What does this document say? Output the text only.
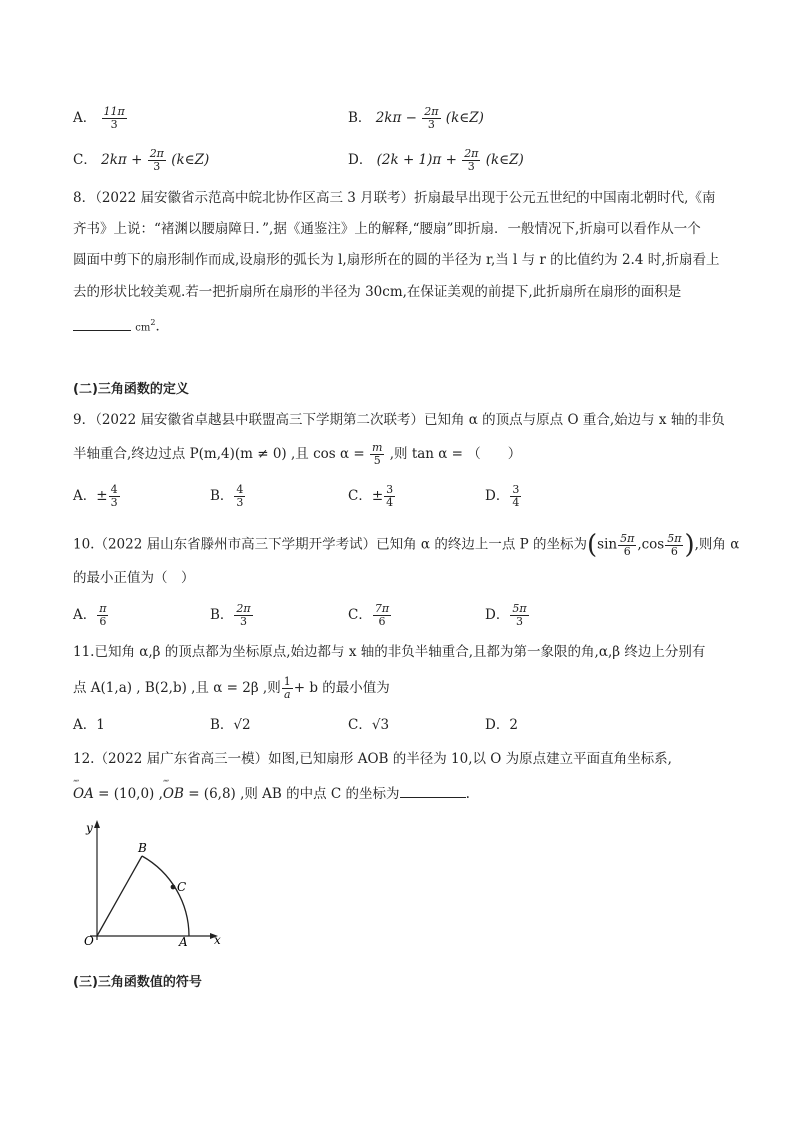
A． $\frac{11\pi}{3}$	B． $2k\pi - \frac{2\pi}{3}$ (k∈Z)
C． $2k\pi + \frac{2\pi}{3}$ (k∈Z)	D． $(2k + 1)\pi + \frac{2\pi}{3}$ (k∈Z)
8．（2022 届安徽省示范高中皖北协作区高三 3 月联考）折扇最早出现于公元五世纪的中国南北朝时代,《南
齐书》上说：“褚渊以腰扇障日．”,据《通鉴注》上的解释,“腰扇”即折扇．一般情况下,折扇可以看作从一个
圆面中剪下的扇形制作而成,设扇形的弧长为 l,扇形所在的圆的半径为 r,当 l 与 r 的比值约为 2.4 时,折扇看上
去的形状比较美观.若一把折扇所在扇形的半径为 30cm,在保证美观的前提下,此折扇所在扇形的面积是
$cm^2$．
(二)三角函数的定义
9．（2022 届安徽省卓越县中联盟高三下学期第二次联考）已知角 α 的顶点与原点 O 重合,始边与 x 轴的非负
半轴重合,终边过点 P(m,4)(m ≠ 0) ,且 $\cos \alpha = \frac{m}{5}$ ,则 tan α = （　　）
A．± $\frac{4}{3}$	B． $\frac{4}{3}$	C．± $\frac{3}{4}$	D． $\frac{3}{4}$
10.（2022 届山东省滕州市高三下学期开学考试）已知角 α 的终边上一点 P 的坐标为($\sin \frac{5\pi}{6} ,\cos \frac{5\pi}{6}$ ),则角 α
的最小正值为（　）
A． $\frac{\pi}{6}$	B． $\frac{2\pi}{3}$	C． $\frac{7\pi}{6}$	D． $\frac{5\pi}{3}$
11.已知角 α,β 的顶点都为坐标原点,始边都与 x 轴的非负半轴重合,且都为第一象限的角,α,β 终边上分别有
点 A(1,a) , B(2,b) ,且 α = 2β ,则 $\frac{1}{a} + b$ 的最小值为
A．1	B．√2	C．√3	D．2
12.（2022 届广东省高三一模）如图,已知扇形 AOB 的半径为 10,以 O 为原点建立平面直角坐标系,
““ OA = (10,0) ,““ OB = (6,8) ,则 AB 的中点 C 的坐标为	.
y
x
O	A
B
C
(三)三角函数值的符号
